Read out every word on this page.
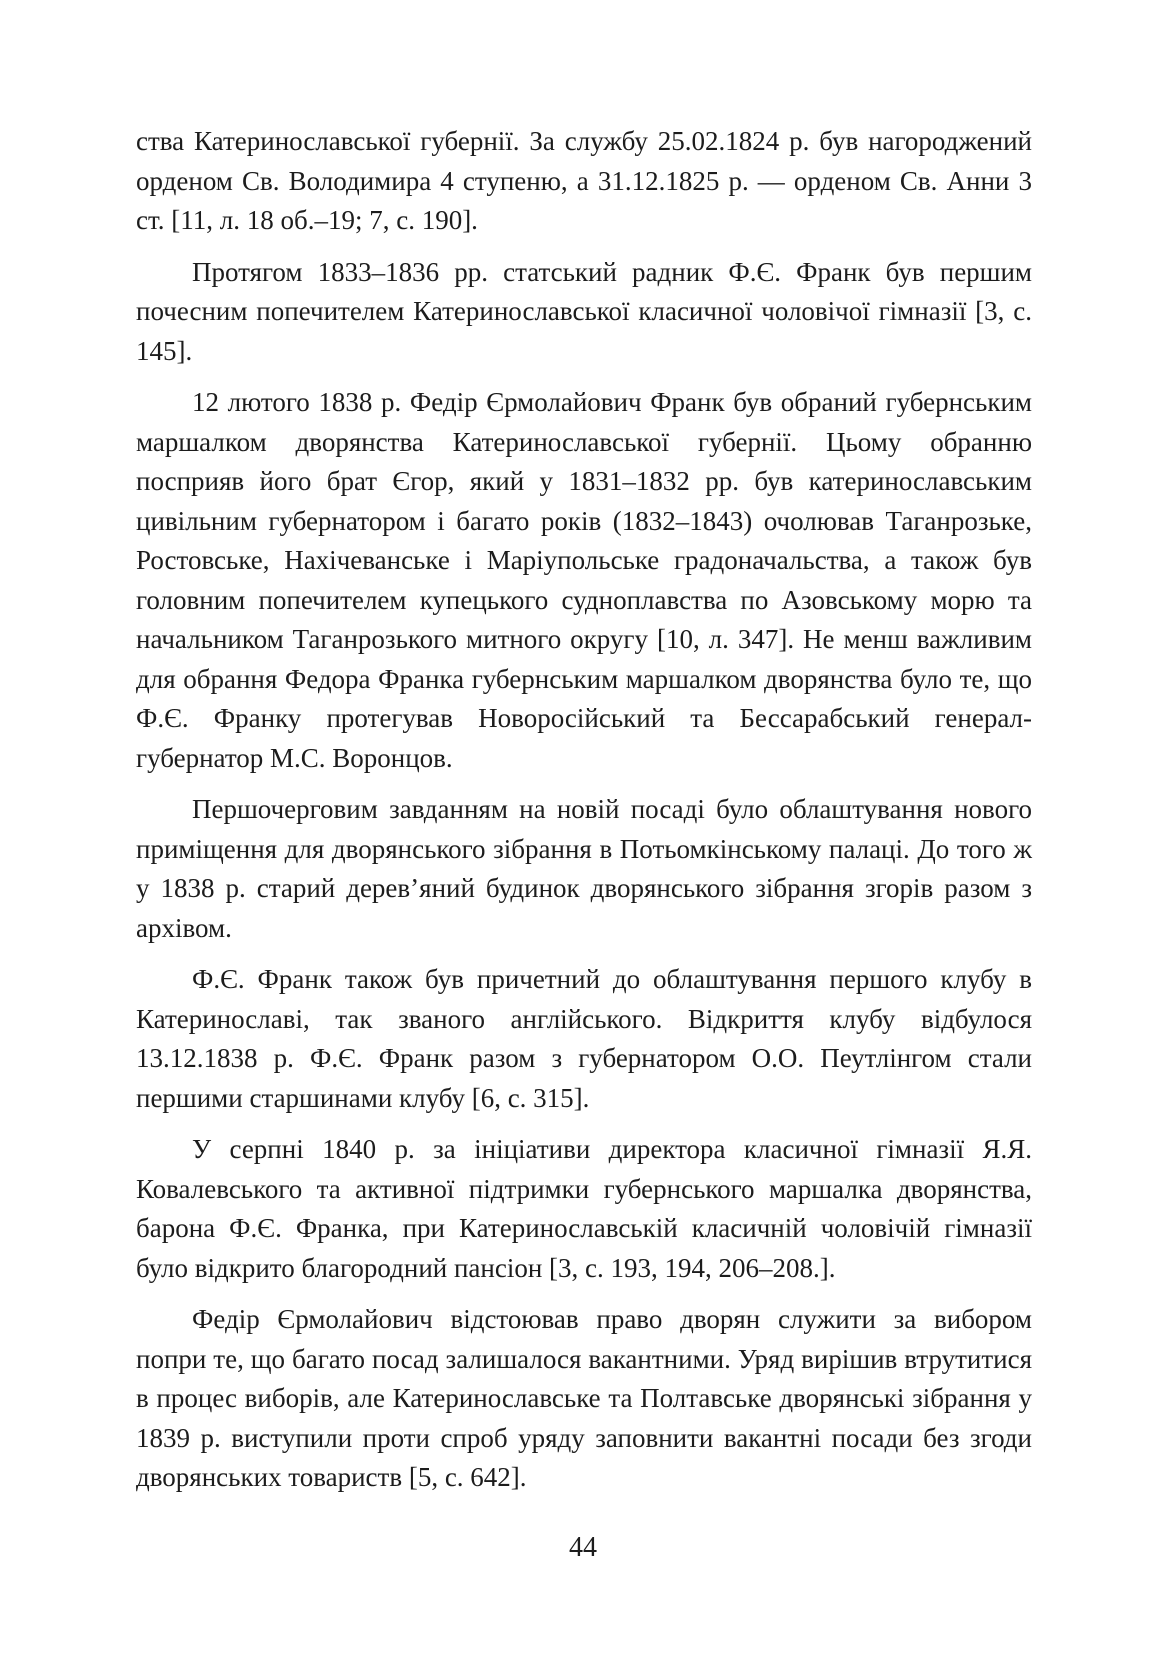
ства Катеринославської губернії. За службу 25.02.1824 р. був нагороджений орденом Св. Володимира 4 ступеню, а 31.12.1825 р. — орденом Св. Анни 3 ст. [11, л. 18 об.–19; 7, с. 190].

Протягом 1833–1836 рр. статський радник Ф.Є. Франк був першим почесним попечителем Катеринославської класичної чоловічої гімназії [3, с. 145].

12 лютого 1838 р. Федір Єрмолайович Франк був обраний губернським маршалком дворянства Катеринославської губернії. Цьому обранню посприяв його брат Єгор, який у 1831–1832 рр. був катеринославським цивільним губернатором і багато років (1832–1843) очолював Таганрозьке, Ростовське, Нахічеванське і Маріупольське градоначальства, а також був головним попечителем купецького судноплавства по Азовському морю та начальником Таганрозького митного округу [10, л. 347]. Не менш важливим для обрання Федора Франка губернським маршалком дворянства було те, що Ф.Є. Франку протегував Новоросійський та Бессарабський генерал-губернатор М.С. Воронцов.

Першочерговим завданням на новій посаді було облаштування нового приміщення для дворянського зібрання в Потьомкінському палаці. До того ж у 1838 р. старий дерев’яний будинок дворянського зібрання згорів разом з архівом.

Ф.Є. Франк також був причетний до облаштування першого клубу в Катеринославі, так званого англійського. Відкриття клубу відбулося 13.12.1838 р. Ф.Є. Франк разом з губернатором О.О. Пеутлінгом стали першими старшинами клубу [6, с. 315].

У серпні 1840 р. за ініціативи директора класичної гімназії Я.Я. Ковалевського та активної підтримки губернського маршалка дворянства, барона Ф.Є. Франка, при Катеринославській класичній чоловічій гімназії було відкрито благородний пансіон [3, с. 193, 194, 206–208.].

Федір Єрмолайович відстоював право дворян служити за вибором попри те, що багато посад залишалося вакантними. Уряд вирішив втрутитися в процес виборів, але Катеринославське та Полтавське дворянські зібрання у 1839 р. виступили проти спроб уряду заповнити вакантні посади без згоди дворянських товариств [5, с. 642].

44
